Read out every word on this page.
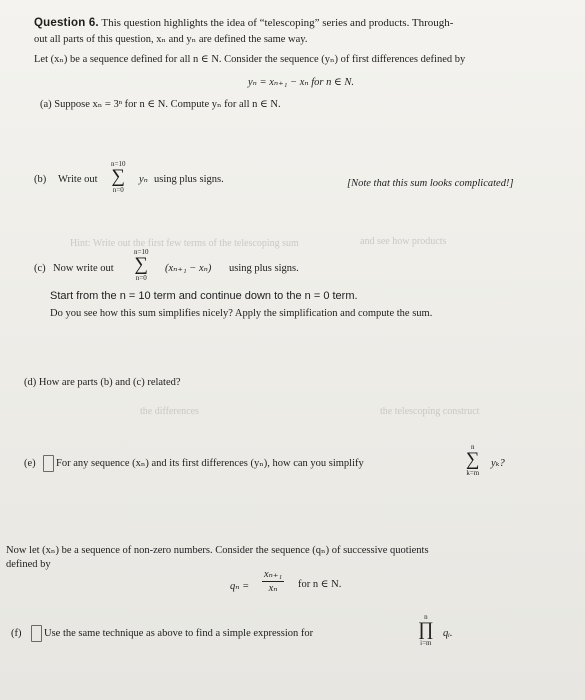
Hint: Write out the first few terms of the telescoping sum	and see how products
the differences	the telescoping construct
Question 6. This question highlights the idea of “telescoping” series and products. Through-
out all parts of this question, xₙ and yₙ are defined the same way.
Let (xₙ) be a sequence defined for all n ∈ N. Consider the sequence (yₙ) of first differences defined by
yₙ = xₙ₊₁ − xₙ for n ∈ N.
(a) Suppose xₙ = 3ⁿ for n ∈ N. Compute yₙ for all n ∈ N.
(b) Write out
n=10
∑
n=0
yₙ using plus signs.	[Note that this sum looks complicated!]
(c) Now write out
n=10
∑
n=0
(xₙ₊₁ − xₙ) using plus signs.
Start from the n = 10 term and continue down to the n = 0 term.
Do you see how this sum simplifies nicely? Apply the simplification and compute the sum.
(d) How are parts (b) and (c) related?
(e) For any sequence (xₙ) and its first differences (yₙ), how can you simplify
n
∑
k=m
yₖ?
Now let (xₙ) be a sequence of non-zero numbers. Consider the sequence (qₙ) of successive quotients
defined by
$q_n = \frac{\text{xₙ₊₁}}{\text{xₙ}}$ for n ∈ N.
(f) Use the same technique as above to find a simple expression for
n
∏
i=m
qᵢ.
